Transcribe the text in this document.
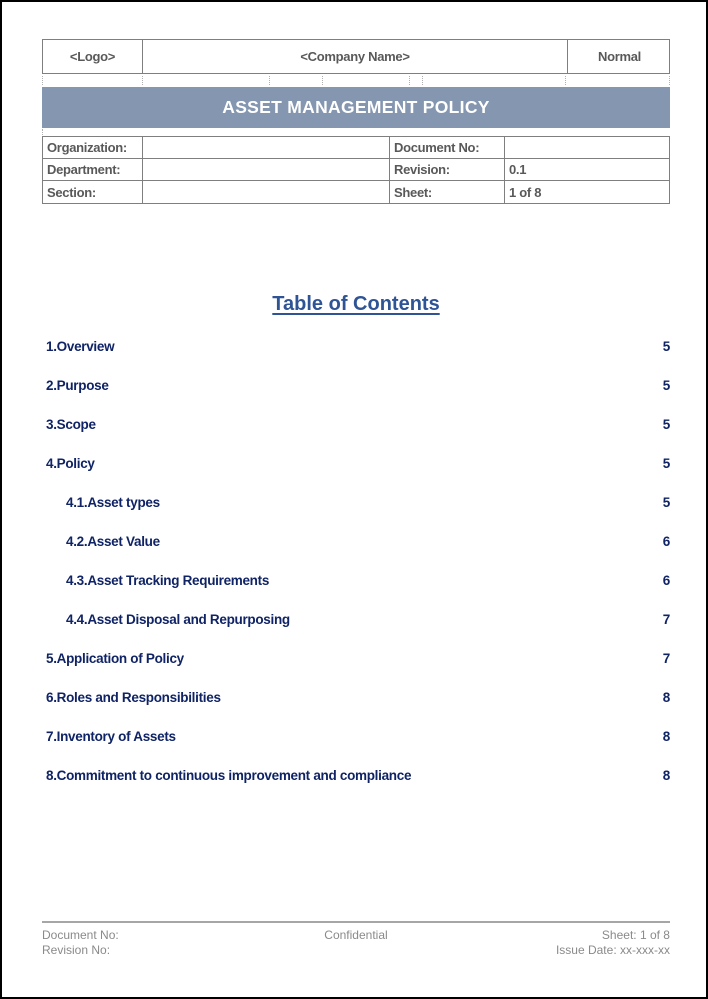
<Logo>	<Company Name>	Normal
ASSET MANAGEMENT POLICY
Organization:	Document No:
Department:	Revision:	0.1
Section:	Sheet:	1 of 8
Table of Contents
1.Overview	5
2.Purpose	5
3.Scope	5
4.Policy	5
4.1.Asset types	5
4.2.Asset Value	6
4.3.Asset Tracking Requirements	6
4.4.Asset Disposal and Repurposing	7
5.Application of Policy	7
6.Roles and Responsibilities	8
7.Inventory of Assets	8
8.Commitment to continuous improvement and compliance	8
Document No:
Revision No:
Confidential	Sheet: 1 of 8
Issue Date: xx-xxx-xx
